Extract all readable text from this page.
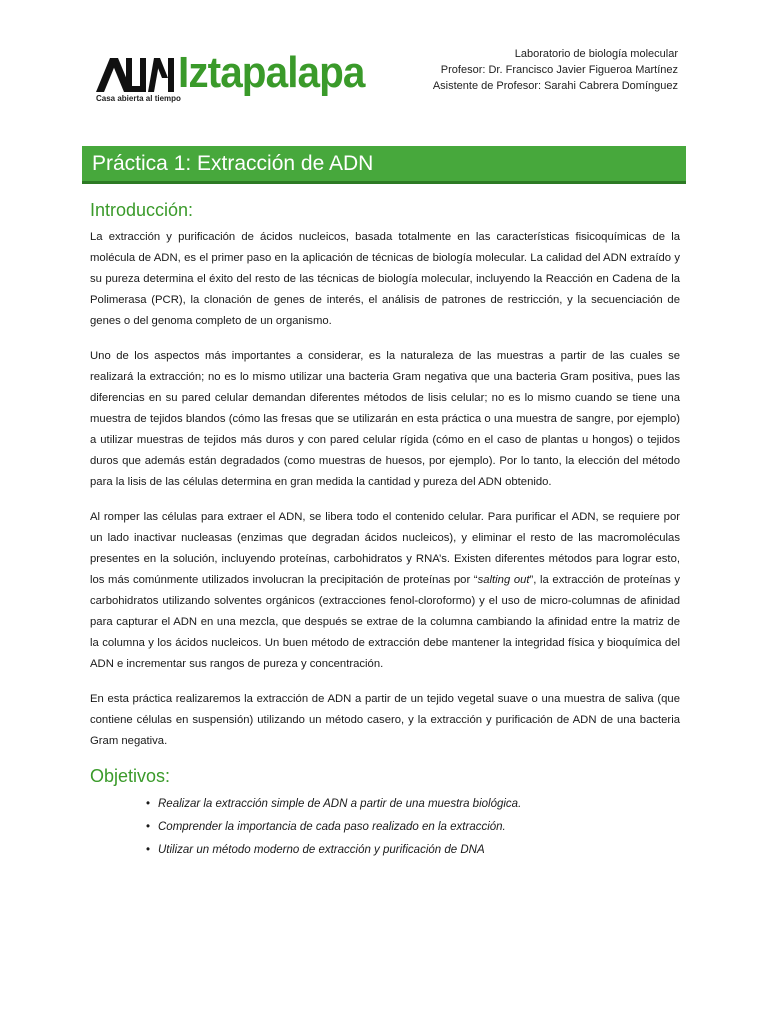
Iztapalapa
Casa abierta al tiempo
Laboratorio de biología molecular
Profesor: Dr. Francisco Javier Figueroa Martínez
Asistente de Profesor: Sarahi Cabrera Domínguez
Práctica 1: Extracción de ADN
Introducción:

La extracción y purificación de ácidos nucleicos, basada totalmente en las características fisicoquímicas de la molécula de ADN, es el primer paso en la aplicación de técnicas de biología molecular. La calidad del ADN extraído y su pureza determina el éxito del resto de las técnicas de biología molecular, incluyendo la Reacción en Cadena de la Polimerasa (PCR), la clonación de genes de interés, el análisis de patrones de restricción, y la secuenciación de genes o del genoma completo de un organismo.

Uno de los aspectos más importantes a considerar, es la naturaleza de las muestras a partir de las cuales se realizará la extracción; no es lo mismo utilizar una bacteria Gram negativa que una bacteria Gram positiva, pues las diferencias en su pared celular demandan diferentes métodos de lisis celular; no es lo mismo cuando se tiene una muestra de tejidos blandos (cómo las fresas que se utilizarán en esta práctica o una muestra de sangre, por ejemplo) a utilizar muestras de tejidos más duros y con pared celular rígida (cómo en el caso de plantas u hongos) o tejidos duros que además están degradados (como muestras de huesos, por ejemplo). Por lo tanto, la elección del método para la lisis de las células determina en gran medida la cantidad y pureza del ADN obtenido.

Al romper las células para extraer el ADN, se libera todo el contenido celular. Para purificar el ADN, se requiere por un lado inactivar nucleasas (enzimas que degradan ácidos nucleicos), y eliminar el resto de las macromoléculas presentes en la solución, incluyendo proteínas, carbohidratos y RNA’s. Existen diferentes métodos para lograr esto, los más comúnmente utilizados involucran la precipitación de proteínas por “salting out”, la extracción de proteínas y carbohidratos utilizando solventes orgánicos (extracciones fenol-cloroformo) y el uso de micro-columnas de afinidad para capturar el ADN en una mezcla, que después se extrae de la columna cambiando la afinidad entre la matriz de la columna y los ácidos nucleicos. Un buen método de extracción debe mantener la integridad física y bioquímica del ADN e incrementar sus rangos de pureza y concentración.

En esta práctica realizaremos la extracción de ADN a partir de un tejido vegetal suave o una muestra de saliva (que contiene células en suspensión) utilizando un método casero, y la extracción y purificación de ADN de una bacteria Gram negativa.

Objetivos:
• Realizar la extracción simple de ADN a partir de una muestra biológica.
• Comprender la importancia de cada paso realizado en la extracción.
• Utilizar un método moderno de extracción y purificación de DNA
